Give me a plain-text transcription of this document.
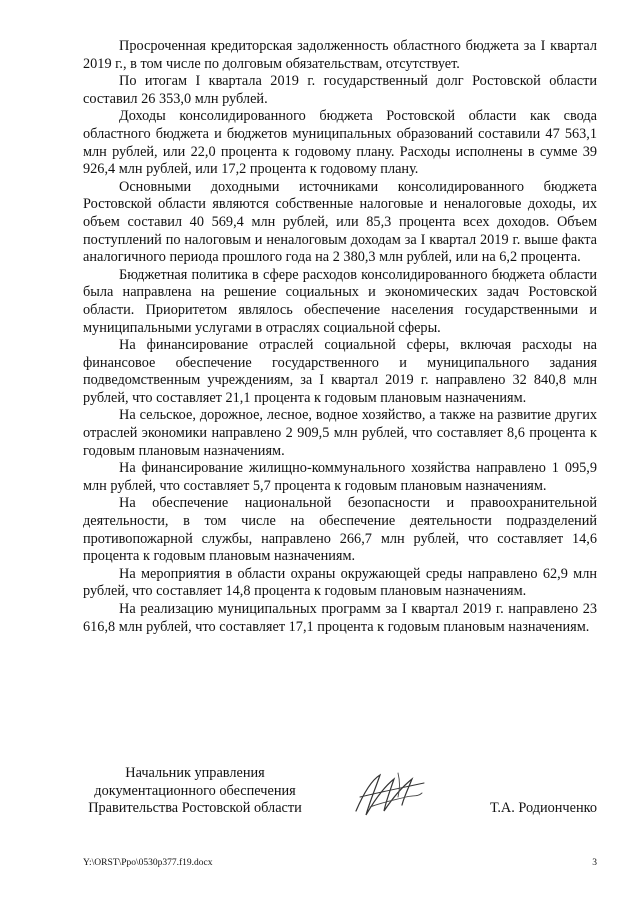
Просроченная кредиторская задолженность областного бюджета за I квартал 2019 г., в том числе по долговым обязательствам, отсутствует.

По итогам I квартала 2019 г. государственный долг Ростовской области составил 26 353,0 млн рублей.

Доходы консолидированного бюджета Ростовской области как свода областного бюджета и бюджетов муниципальных образований составили 47 563,1 млн рублей, или 22,0 процента к годовому плану. Расходы исполнены в сумме 39 926,4 млн рублей, или 17,2 процента к годовому плану.

Основными доходными источниками консолидированного бюджета Ростовской области являются собственные налоговые и неналоговые доходы, их объем составил 40 569,4 млн рублей, или 85,3 процента всех доходов. Объем поступлений по налоговым и неналоговым доходам за I квартал 2019 г. выше факта аналогичного периода прошлого года на 2 380,3 млн рублей, или на 6,2 процента.

Бюджетная политика в сфере расходов консолидированного бюджета области была направлена на решение социальных и экономических задач Ростовской области. Приоритетом являлось обеспечение населения государственными и муниципальными услугами в отраслях социальной сферы.

На финансирование отраслей социальной сферы, включая расходы на финансовое обеспечение государственного и муниципального задания подведомственным учреждениям, за I квартал 2019 г. направлено 32 840,8 млн рублей, что составляет 21,1 процента к годовым плановым назначениям.

На сельское, дорожное, лесное, водное хозяйство, а также на развитие других отраслей экономики направлено 2 909,5 млн рублей, что составляет 8,6 процента к годовым плановым назначениям.

На финансирование жилищно-коммунального хозяйства направлено 1 095,9 млн рублей, что составляет 5,7 процента к годовым плановым назначениям.

На обеспечение национальной безопасности и правоохранительной деятельности, в том числе на обеспечение деятельности подразделений противопожарной службы, направлено 266,7 млн рублей, что составляет 14,6 процента к годовым плановым назначениям.

На мероприятия в области охраны окружающей среды направлено 62,9 млн рублей, что составляет 14,8 процента к годовым плановым назначениям.

На реализацию муниципальных программ за I квартал 2019 г. направлено 23 616,8 млн рублей, что составляет 17,1 процента к годовым плановым назначениям.

Начальник управления
документационного обеспечения
Правительства Ростовской области	Т.А. Родионченко
Y:\ORST\Ppo\0530p377.f19.docx	3
